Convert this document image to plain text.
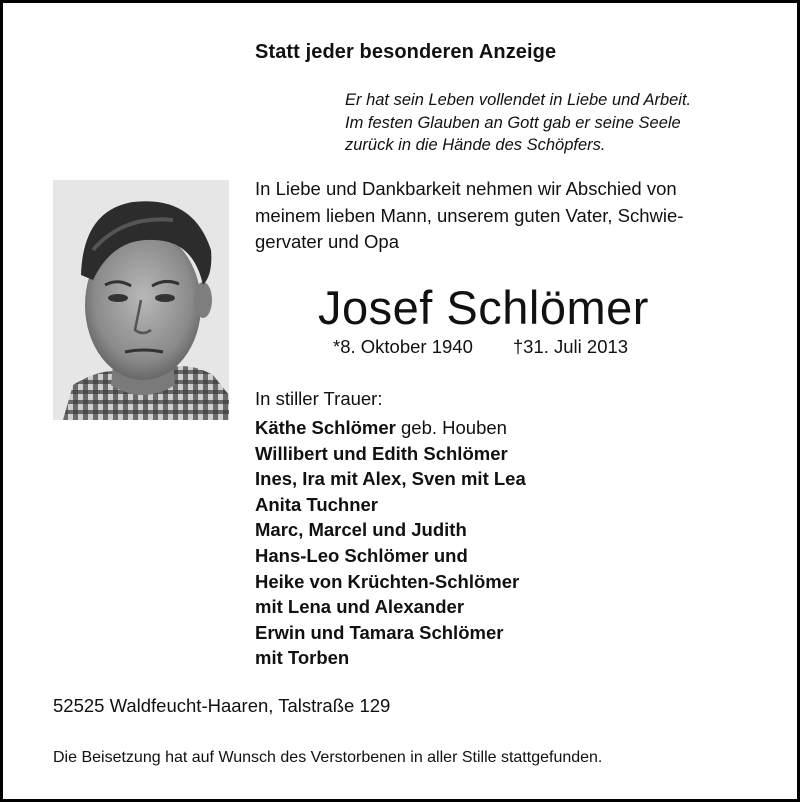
Statt jeder besonderen Anzeige
Er hat sein Leben vollendet in Liebe und Arbeit.
Im festen Glauben an Gott gab er seine Seele
zurück in die Hände des Schöpfers.
In Liebe und Dankbarkeit nehmen wir Abschied von
meinem lieben Mann, unserem guten Vater, Schwie-
gervater und Opa
Josef Schlömer
*8. Oktober 1940 †31. Juli 2013
In stiller Trauer:
Käthe Schlömer geb. Houben
Willibert und Edith Schlömer
Ines, Ira mit Alex, Sven mit Lea
Anita Tuchner
Marc, Marcel und Judith
Hans-Leo Schlömer und
Heike von Krüchten-Schlömer
mit Lena und Alexander
Erwin und Tamara Schlömer
mit Torben
52525 Waldfeucht-Haaren, Talstraße 129
Die Beisetzung hat auf Wunsch des Verstorbenen in aller Stille stattgefunden.
